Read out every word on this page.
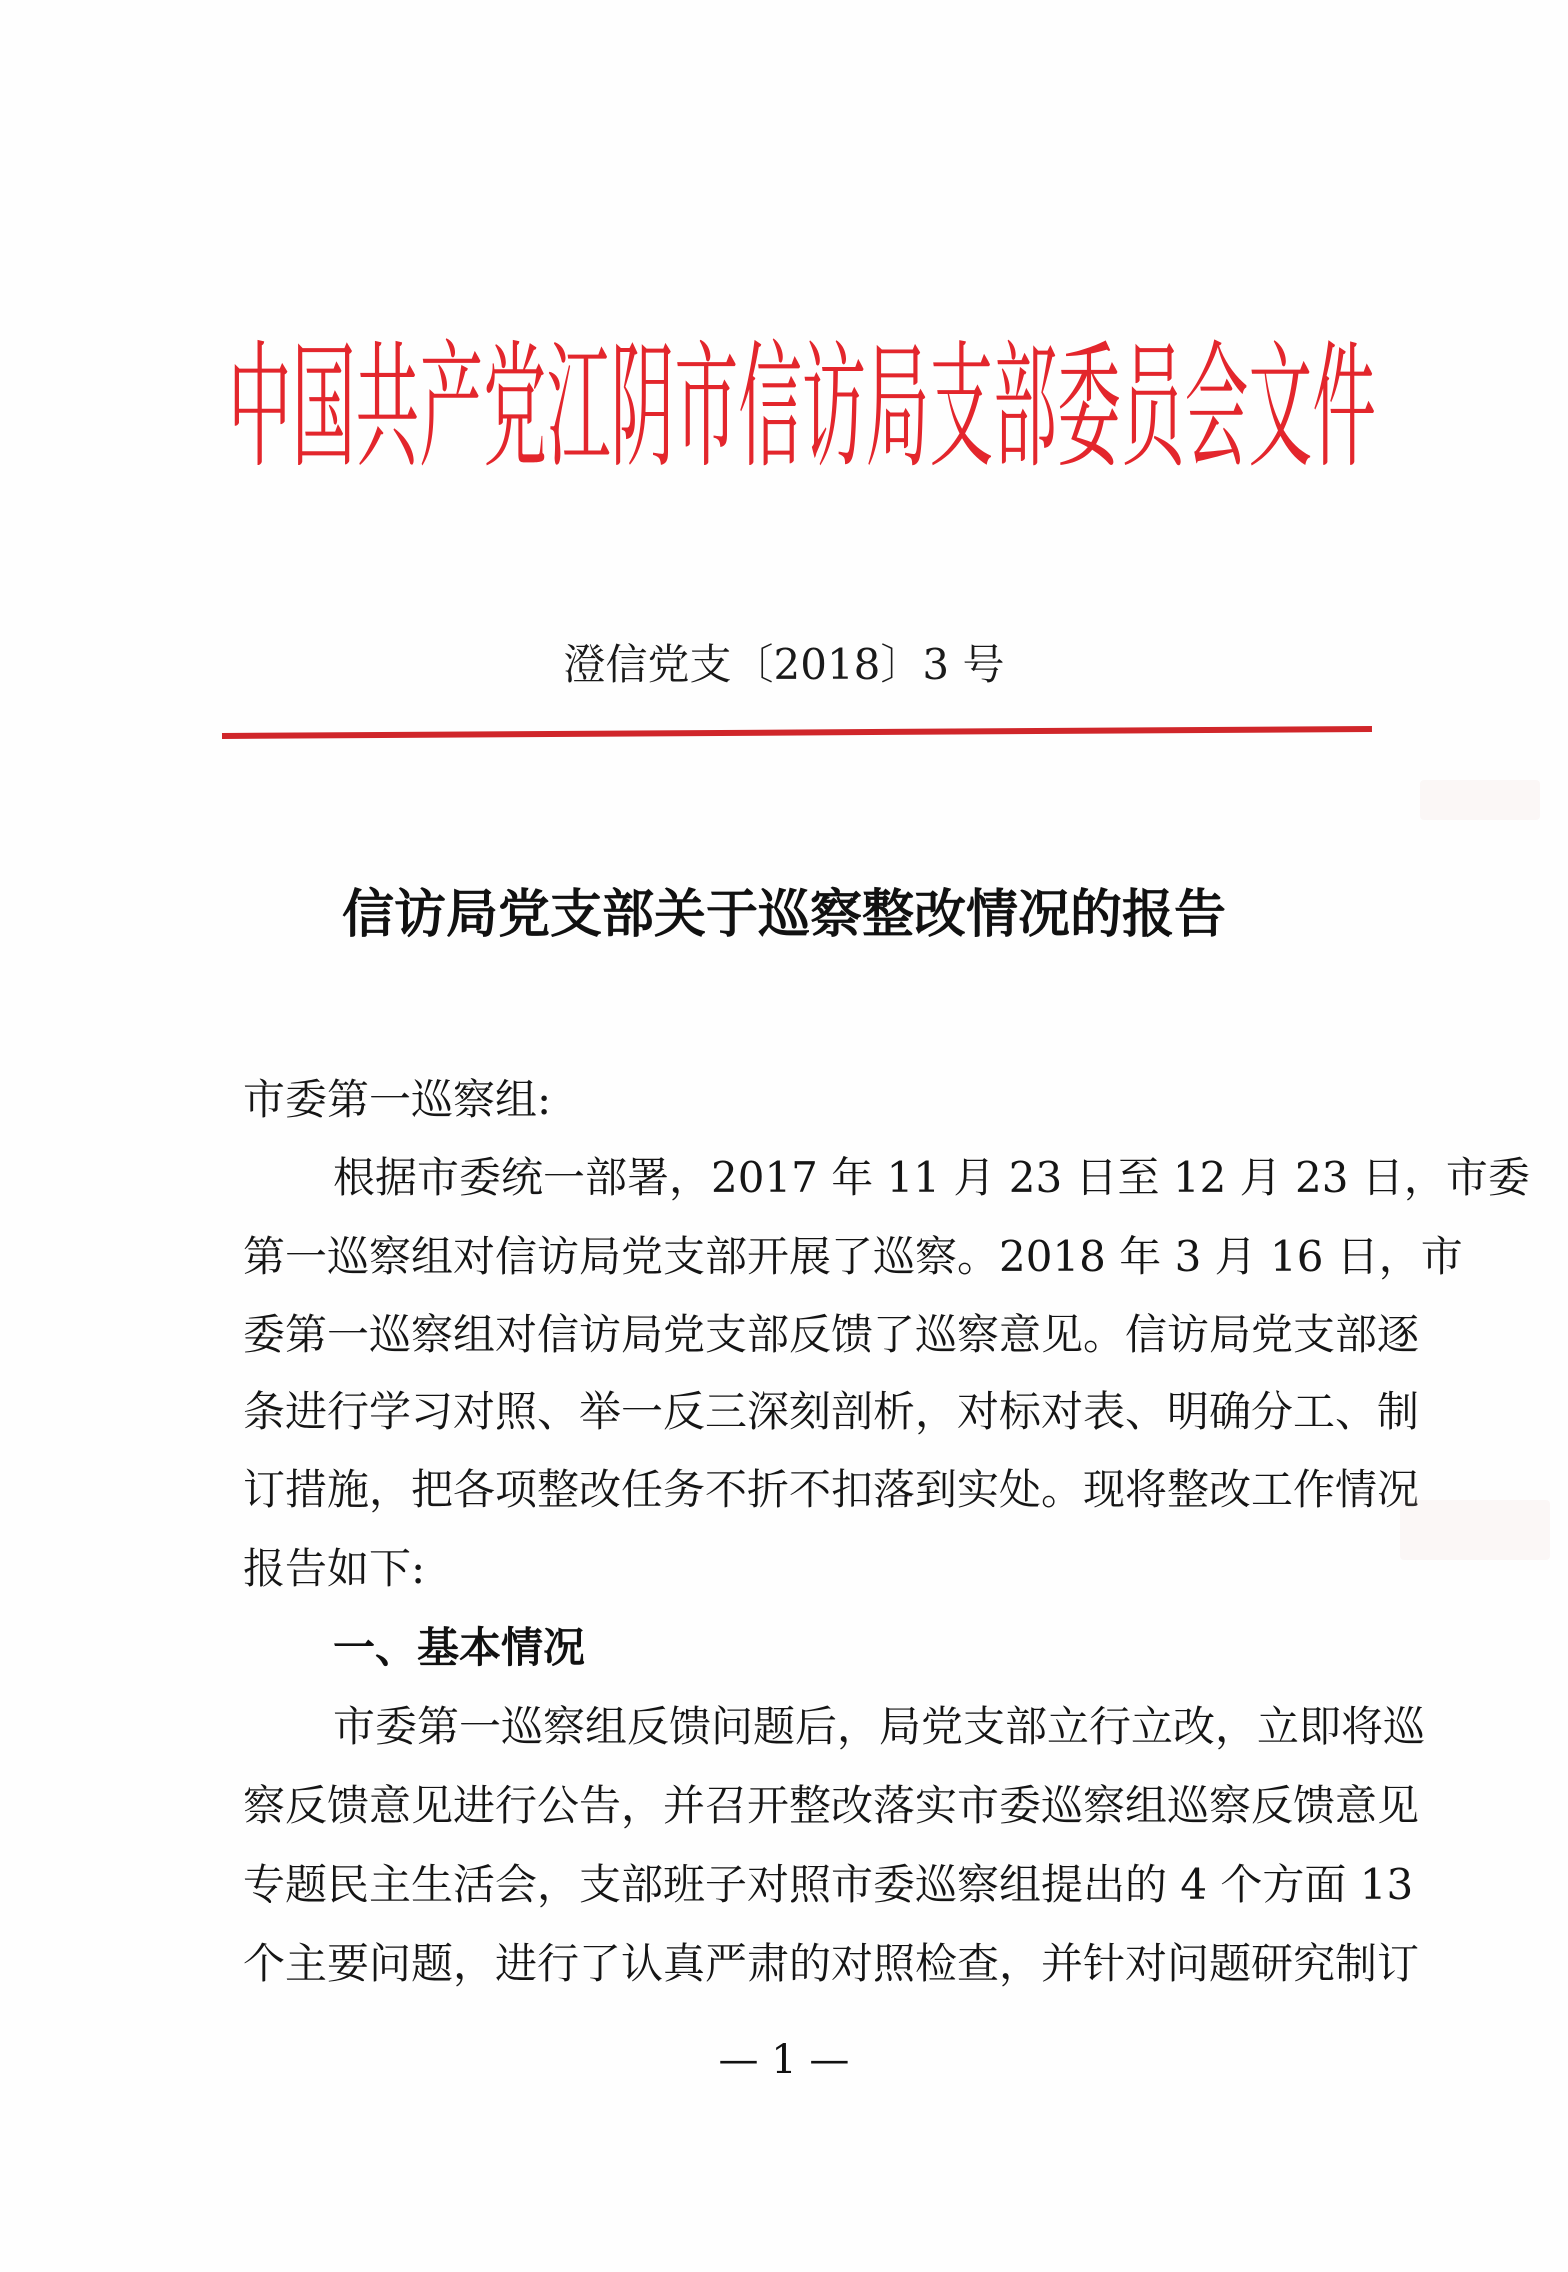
中国共产党江阴市信访局支部委员会文件
澄信党支〔2018〕3 号
信访局党支部关于巡察整改情况的报告
市委第一巡察组:
根据市委统一部署，2017 年 11 月 23 日至 12 月 23 日，市委
第一巡察组对信访局党支部开展了巡察。2018 年 3 月 16 日，市
委第一巡察组对信访局党支部反馈了巡察意见。信访局党支部逐
条进行学习对照、举一反三深刻剖析，对标对表、明确分工、制
订措施，把各项整改任务不折不扣落到实处。现将整改工作情况
报告如下:
一、基本情况
市委第一巡察组反馈问题后，局党支部立行立改，立即将巡
察反馈意见进行公告，并召开整改落实市委巡察组巡察反馈意见
专题民主生活会，支部班子对照市委巡察组提出的 4 个方面 13
个主要问题，进行了认真严肃的对照检查，并针对问题研究制订
— 1 —
